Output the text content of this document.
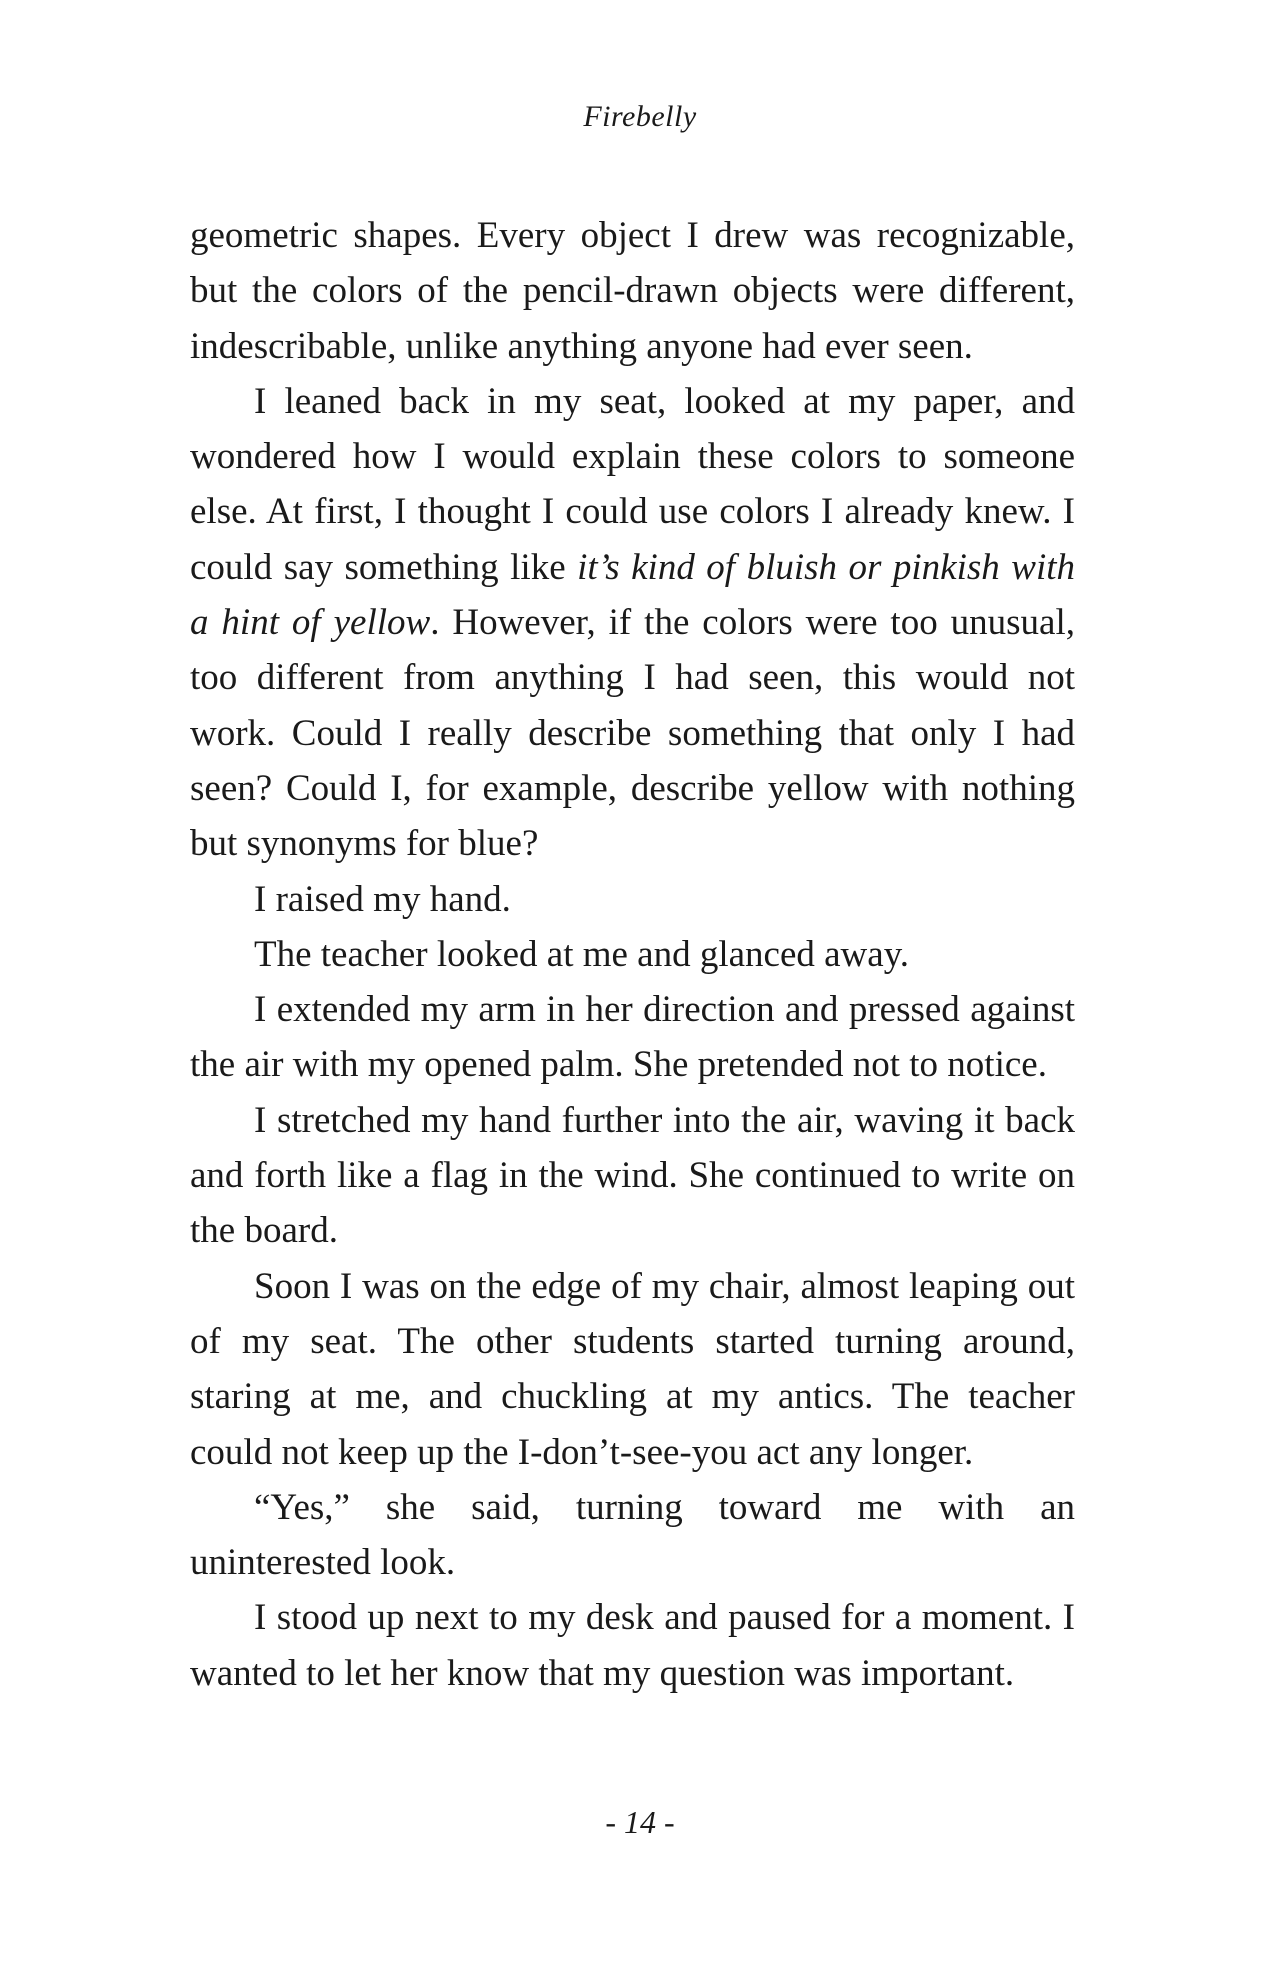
Firebelly

geometric shapes. Every object I drew was recognizable, but the colors of the pencil-drawn objects were different, indescribable, unlike anything anyone had ever seen.

I leaned back in my seat, looked at my paper, and wondered how I would explain these colors to someone else. At first, I thought I could use colors I already knew. I could say something like it’s kind of bluish or pinkish with a hint of yellow. However, if the colors were too unusual, too different from anything I had seen, this would not work. Could I really describe something that only I had seen? Could I, for example, describe yellow with nothing but synonyms for blue?

I raised my hand.

The teacher looked at me and glanced away.

I extended my arm in her direction and pressed against the air with my opened palm. She pretended not to notice.

I stretched my hand further into the air, waving it back and forth like a flag in the wind. She continued to write on the board.

Soon I was on the edge of my chair, almost leaping out of my seat. The other students started turning around, staring at me, and chuckling at my antics. The teacher could not keep up the I-don’t-see-you act any longer.

“Yes,” she said, turning toward me with an uninterested look.

I stood up next to my desk and paused for a moment. I wanted to let her know that my question was important.

- 14 -
